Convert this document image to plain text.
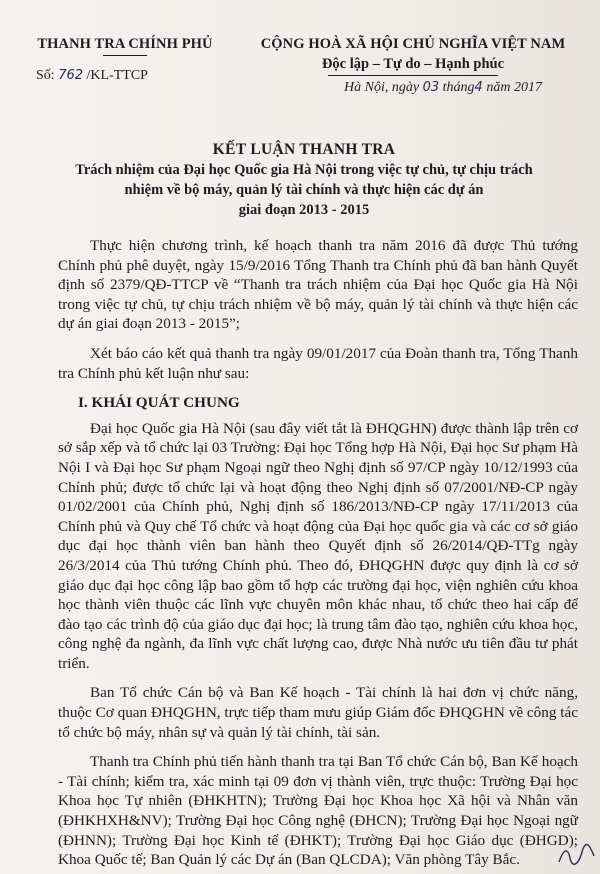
THANH TRA CHÍNH PHỦ
Số: 762 /KL-TTCP
CỘNG HOÀ XÃ HỘI CHỦ NGHĨA VIỆT NAM
Độc lập – Tự do – Hạnh phúc
Hà Nội, ngày 03 tháng4 năm 2017
KẾT LUẬN THANH TRA
Trách nhiệm của Đại học Quốc gia Hà Nội trong việc tự chủ, tự chịu trách
nhiệm về bộ máy, quản lý tài chính và thực hiện các dự án
giai đoạn 2013 - 2015

Thực hiện chương trình, kế hoạch thanh tra năm 2016 đã được Thủ tướng Chính phủ phê duyệt, ngày 15/9/2016 Tổng Thanh tra Chính phủ đã ban hành Quyết định số 2379/QĐ-TTCP về “Thanh tra trách nhiệm của Đại học Quốc gia Hà Nội trong việc tự chủ, tự chịu trách nhiệm về bộ máy, quản lý tài chính và thực hiện các dự án giai đoạn 2013 - 2015”;

Xét báo cáo kết quả thanh tra ngày 09/01/2017 của Đoàn thanh tra, Tổng Thanh tra Chính phủ kết luận như sau:

I. KHÁI QUÁT CHUNG

Đại học Quốc gia Hà Nội (sau đây viết tắt là ĐHQGHN) được thành lập trên cơ sở sắp xếp và tổ chức lại 03 Trường: Đại học Tổng hợp Hà Nội, Đại học Sư phạm Hà Nội I và Đại học Sư phạm Ngoại ngữ theo Nghị định số 97/CP ngày 10/12/1993 của Chính phủ; được tổ chức lại và hoạt động theo Nghị định số 07/2001/NĐ-CP ngày 01/02/2001 của Chính phủ, Nghị định số 186/2013/NĐ-CP ngày 17/11/2013 của Chính phủ và Quy chế Tổ chức và hoạt động của Đại học quốc gia và các cơ sở giáo dục đại học thành viên ban hành theo Quyết định số 26/2014/QĐ-TTg ngày 26/3/2014 của Thủ tướng Chính phủ. Theo đó, ĐHQGHN được quy định là cơ sở giáo dục đại học công lập bao gồm tổ hợp các trường đại học, viện nghiên cứu khoa học thành viên thuộc các lĩnh vực chuyên môn khác nhau, tổ chức theo hai cấp để đào tạo các trình độ của giáo dục đại học; là trung tâm đào tạo, nghiên cứu khoa học, công nghệ đa ngành, đa lĩnh vực chất lượng cao, được Nhà nước ưu tiên đầu tư phát triển.

Ban Tổ chức Cán bộ và Ban Kế hoạch - Tài chính là hai đơn vị chức năng, thuộc Cơ quan ĐHQGHN, trực tiếp tham mưu giúp Giám đốc ĐHQGHN về công tác tổ chức bộ máy, nhân sự và quản lý tài chính, tài sản.

Thanh tra Chính phủ tiến hành thanh tra tại Ban Tổ chức Cán bộ, Ban Kế hoạch - Tài chính; kiểm tra, xác minh tại 09 đơn vị thành viên, trực thuộc: Trường Đại học Khoa học Tự nhiên (ĐHKHTN); Trường Đại học Khoa học Xã hội và Nhân văn (ĐHKHXH&NV); Trường Đại học Công nghệ (ĐHCN); Trường Đại học Ngoại ngữ (ĐHNN); Trường Đại học Kinh tế (ĐHKT); Trường Đại học Giáo dục (ĐHGD); Khoa Quốc tế; Ban Quản lý các Dự án (Ban QLCDA); Văn phòng Tây Bắc.
